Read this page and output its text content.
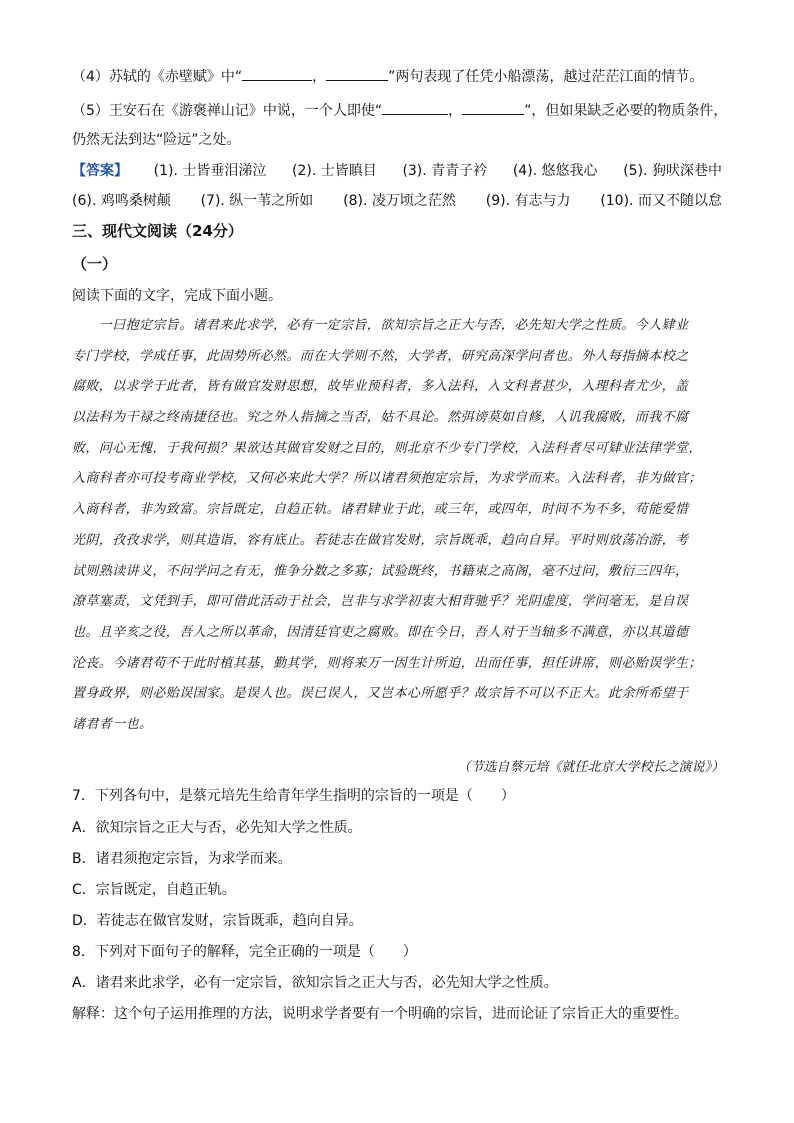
（4）苏轼的《赤壁赋》中“	，	”两句表现了任凭小船漂荡，越过茫茫江面的情节。
（5）王安石在《游褒禅山记》中说，一个人即使“	，	”，但如果缺乏必要的物质条件，
仍然无法到达“险远”之处。
【答案】 (1). 士皆垂泪涕泣 (2). 士皆瞋目 (3). 青青子衿 (4). 悠悠我心 (5). 狗吠深巷中
(6). 鸡鸣桑树颠 (7). 纵一苇之所如 (8). 凌万顷之茫然 (9). 有志与力 (10). 而又不随以怠
三、现代文阅读（24分）
（一）
阅读下面的文字，完成下面小题。
　　一曰抱定宗旨。诸君来此求学，必有一定宗旨，欲知宗旨之正大与否，必先知大学之性质。今人肄业
专门学校，学成任事，此固势所必然。而在大学则不然，大学者，研究高深学问者也。外人每指摘本校之
腐败，以求学于此者，皆有做官发财思想，故毕业预科者，多入法科，入文科者甚少，入理科者尤少，盖
以法科为干禄之终南捷径也。究之外人指摘之当否，姑不具论。然弭谤莫如自修，人讥我腐败，而我不腐
败，问心无愧，于我何损？果欲达其做官发财之目的，则北京不少专门学校，入法科者尽可肄业法律学堂，
入商科者亦可投考商业学校，又何必来此大学？所以诸君须抱定宗旨，为求学而来。入法科者，非为做官；
入商科者，非为致富。宗旨既定，自趋正轨。诸君肄业于此，或三年，或四年，时间不为不多，苟能爱惜
光阴，孜孜求学，则其造诣，容有底止。若徒志在做官发财，宗旨既乖，趋向自异。平时则放荡冶游，考
试则熟读讲义，不问学问之有无，惟争分数之多寡；试验既终，书籍束之高阁，毫不过问，敷衍三四年，
潦草塞责，文凭到手，即可借此活动于社会，岂非与求学初衷大相背驰乎？光阴虚度，学问毫无，是自误
也。且辛亥之役，吾人之所以革命，因清廷官吏之腐败。即在今日，吾人对于当轴多不满意，亦以其道德
沦丧。今诸君苟不于此时植其基，勤其学，则将来万一因生计所迫，出而任事，担任讲席，则必贻误学生；
置身政界，则必贻误国家。是误人也。误已误人，又岂本心所愿乎？故宗旨不可以不正大。此余所希望于
诸君者一也。
（节选自蔡元培《就任北京大学校长之演说》）
7．下列各句中，是蔡元培先生给青年学生指明的宗旨的一项是（　　）
A．欲知宗旨之正大与否，必先知大学之性质。
B．诸君须抱定宗旨，为求学而来。
C．宗旨既定，自趋正轨。
D．若徒志在做官发财，宗旨既乖，趋向自异。
8．下列对下面句子的解释，完全正确的一项是（　　）
A．诸君来此求学，必有一定宗旨，欲知宗旨之正大与否，必先知大学之性质。
解释：这个句子运用推理的方法，说明求学者要有一个明确的宗旨，进而论证了宗旨正大的重要性。
